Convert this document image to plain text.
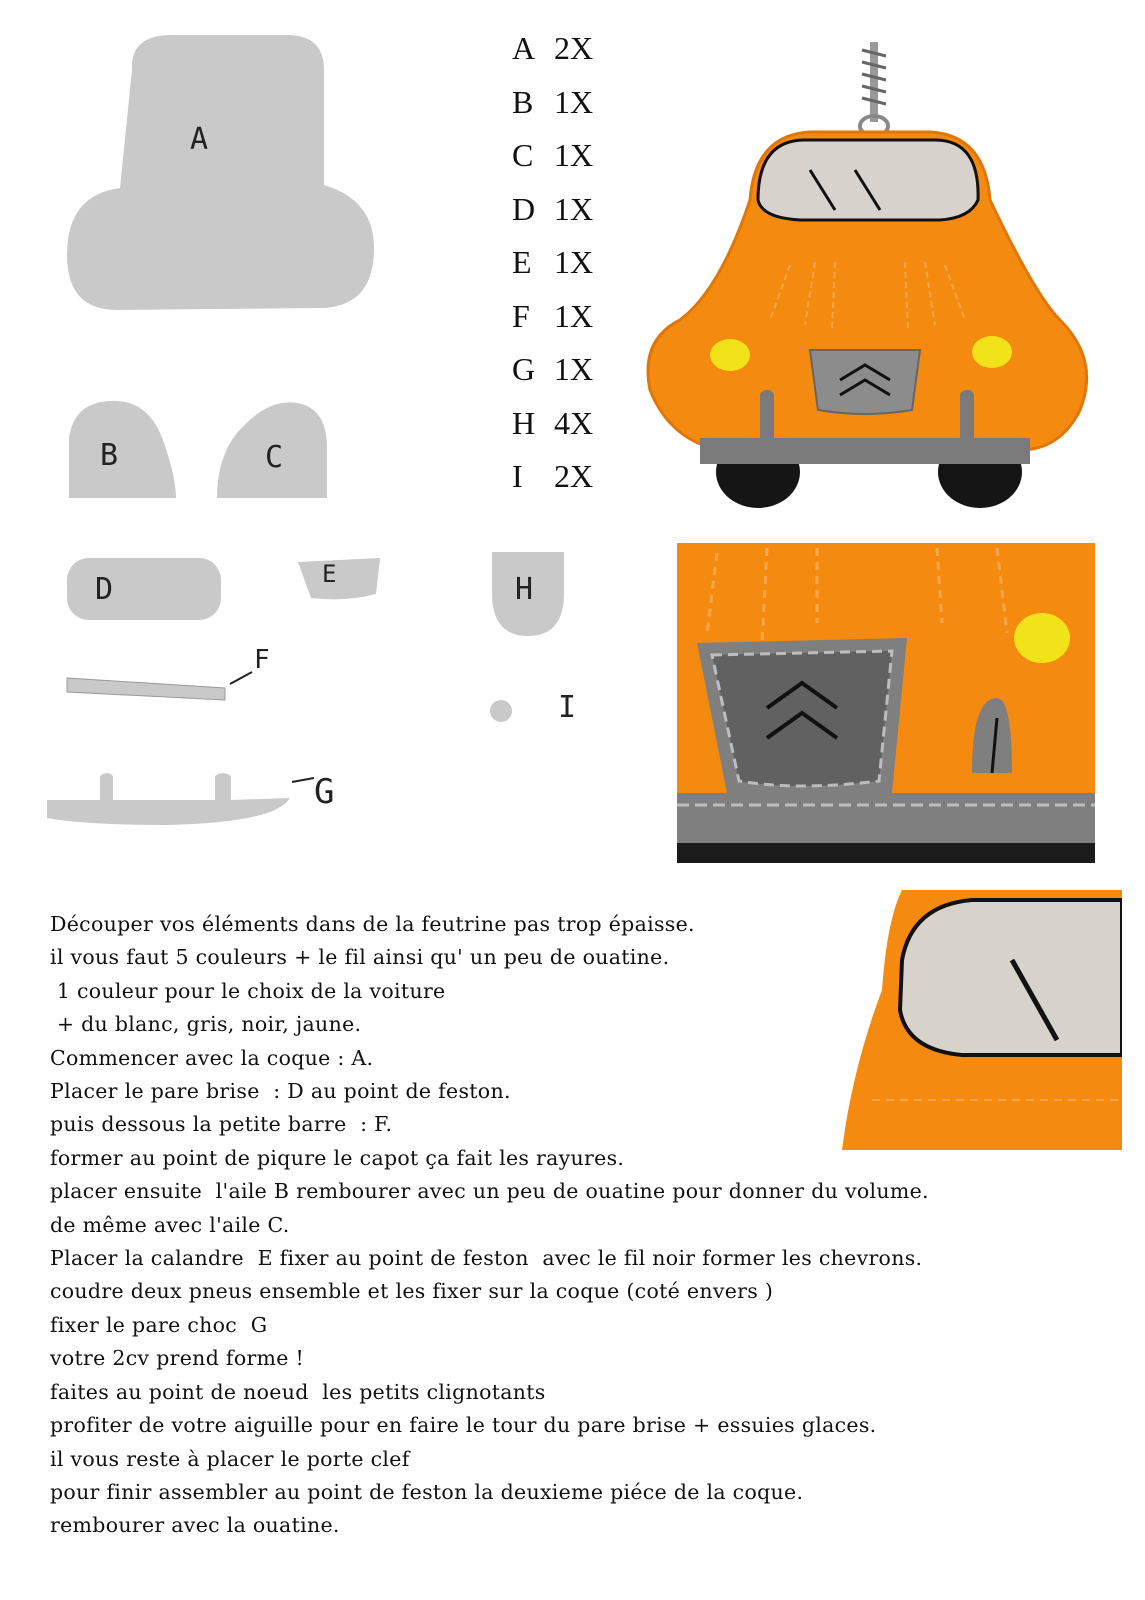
A
B	C
D	E	H
F
I
G
A 2X
B 1X
C 1X
D 1X
E 1X
F 1X
G 1X
H 4X
I 2X
Découper vos éléments dans de la feutrine pas trop épaisse.
il vous faut 5 couleurs + le fil ainsi qu' un peu de ouatine.
1 couleur pour le choix de la voiture
+ du blanc, gris, noir, jaune.
Commencer avec la coque : A.
Placer le pare brise  : D au point de feston.
puis dessous la petite barre  : F.
former au point de piqure le capot ça fait les rayures.
placer ensuite  l'aile B rembourer avec un peu de ouatine pour donner du volume.
de même avec l'aile C.
Placer la calandre  E fixer au point de feston  avec le fil noir former les chevrons.
coudre deux pneus ensemble et les fixer sur la coque (coté envers )
fixer le pare choc  G
votre 2cv prend forme !
faites au point de noeud  les petits clignotants
profiter de votre aiguille pour en faire le tour du pare brise + essuies glaces.
il vous reste à placer le porte clef
pour finir assembler au point de feston la deuxieme piéce de la coque.
rembourer avec la ouatine.
